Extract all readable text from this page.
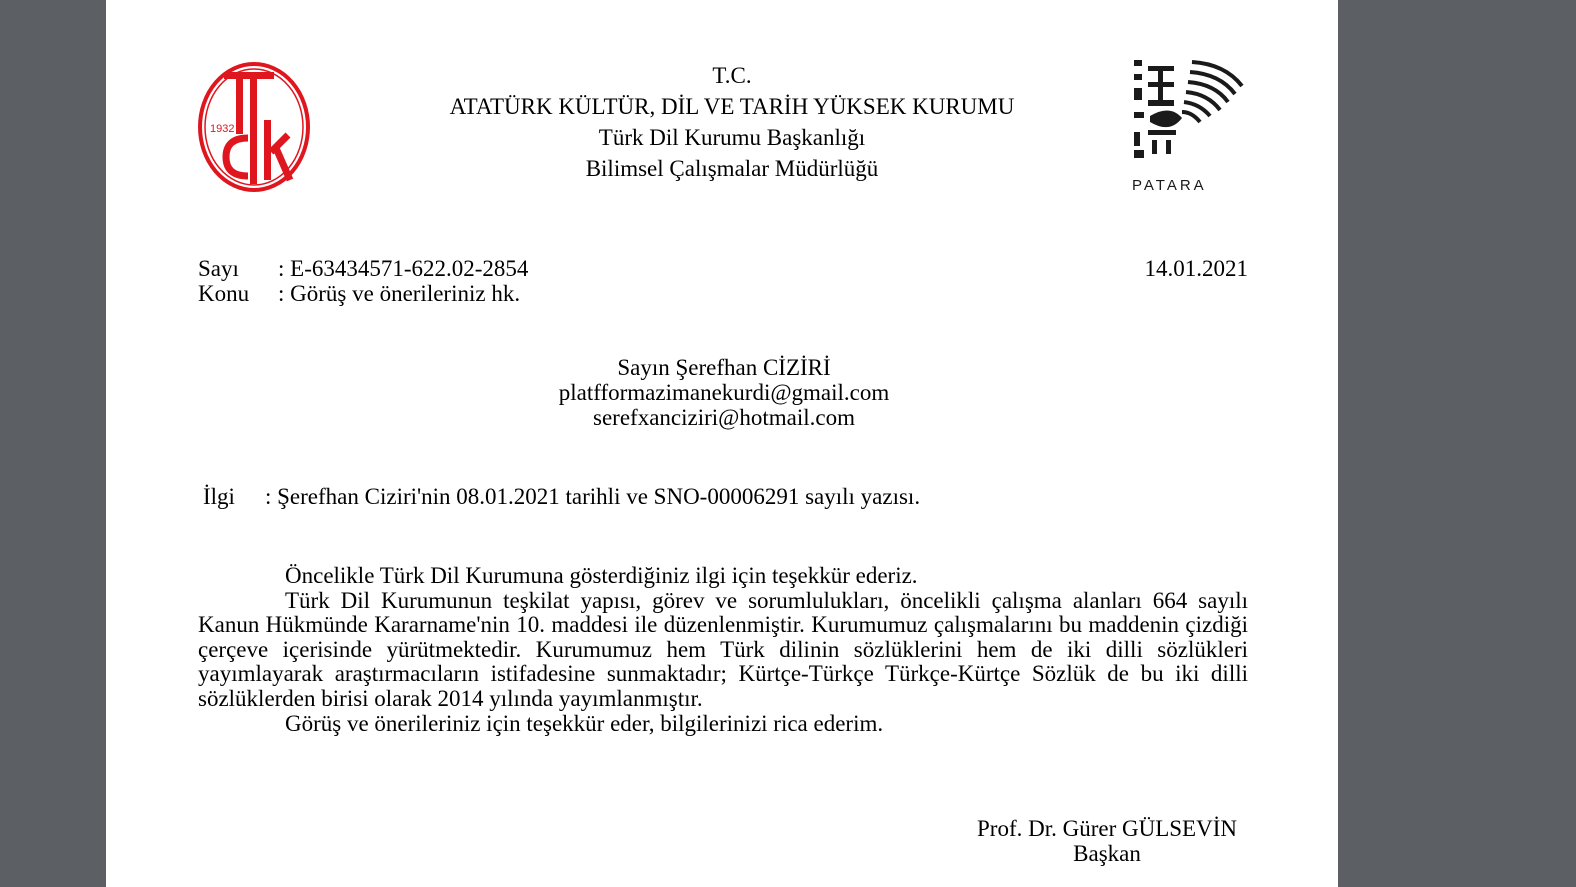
1932
T.C.
ATATÜRK KÜLTÜR, DİL VE TARİH YÜKSEK KURUMU
Türk Dil Kurumu Başkanlığı
Bilimsel Çalışmalar Müdürlüğü
PATARA
Sayı	: E-63434571-622.02-2854
Konu	: Görüş ve önerileriniz hk.
14.01.2021
Sayın Şerefhan CİZİRİ
platfformazimanekurdi@gmail.com
serefxanciziri@hotmail.com
İlgi	: Şerefhan Ciziri'nin 08.01.2021 tarihli ve SNO-00006291 sayılı yazısı.

Öncelikle Türk Dil Kurumuna gösterdiğiniz ilgi için teşekkür ederiz.

Türk Dil Kurumunun teşkilat yapısı, görev ve sorumlulukları, öncelikli çalışma alanları 664 sayılı Kanun Hükmünde Kararname'nin 10. maddesi ile düzenlenmiştir. Kurumumuz çalışmalarını bu maddenin çizdiği çerçeve içerisinde yürütmektedir. Kurumumuz hem Türk dilinin sözlüklerini hem de iki dilli sözlükleri yayımlayarak araştırmacıların istifadesine sunmaktadır; Kürtçe-Türkçe Türkçe-Kürtçe Sözlük de bu iki dilli sözlüklerden birisi olarak 2014 yılında yayımlanmıştır.

Görüş ve önerileriniz için teşekkür eder, bilgilerinizi rica ederim.

Prof. Dr. Gürer GÜLSEVİN
Başkan
